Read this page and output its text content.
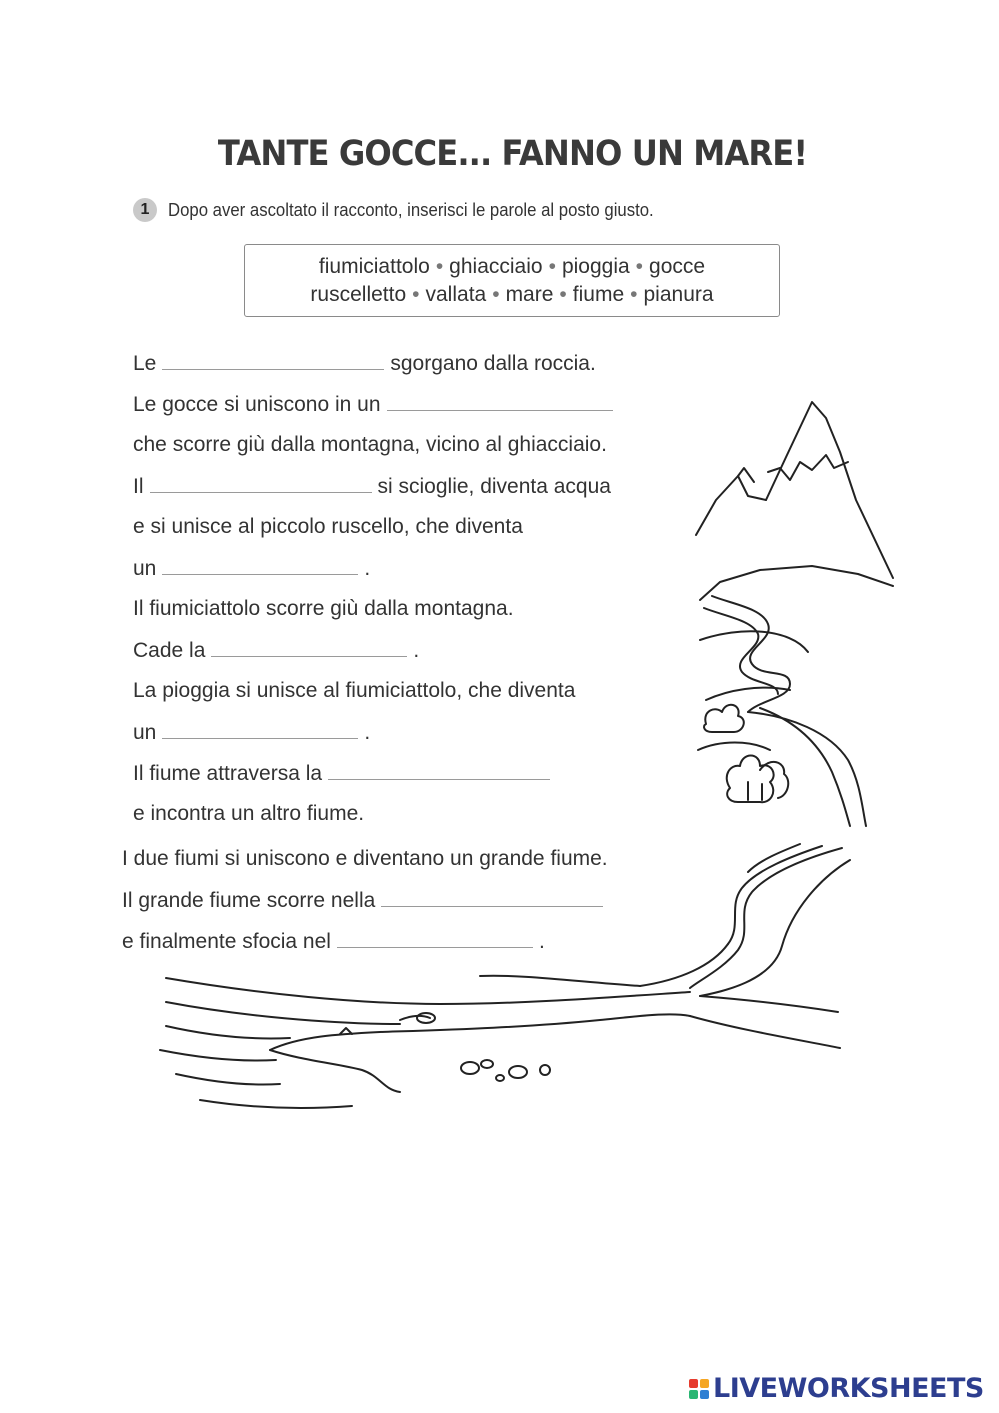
TANTE GOCCE... FANNO UN MARE!
1	Dopo aver ascoltato il racconto, inserisci le parole al posto giusto.
fiumiciattolo • ghiacciaio • pioggia • gocce
ruscelletto • vallata • mare • fiume • pianura
Le	sgorgano dalla roccia.
Le gocce si uniscono in un
che scorre giù dalla montagna, vicino al ghiacciaio.
Il	si scioglie, diventa acqua
e si unisce al piccolo ruscello, che diventa
un	.
Il fiumiciattolo scorre giù dalla montagna.
Cade la	.
La pioggia si unisce al fiumiciattolo, che diventa
un	.
Il fiume attraversa la
e incontra un altro fiume.
I due fiumi si uniscono e diventano un grande fiume.
Il grande fiume scorre nella
e finalmente sfocia nel	.
LIVEWORKSHEETS
